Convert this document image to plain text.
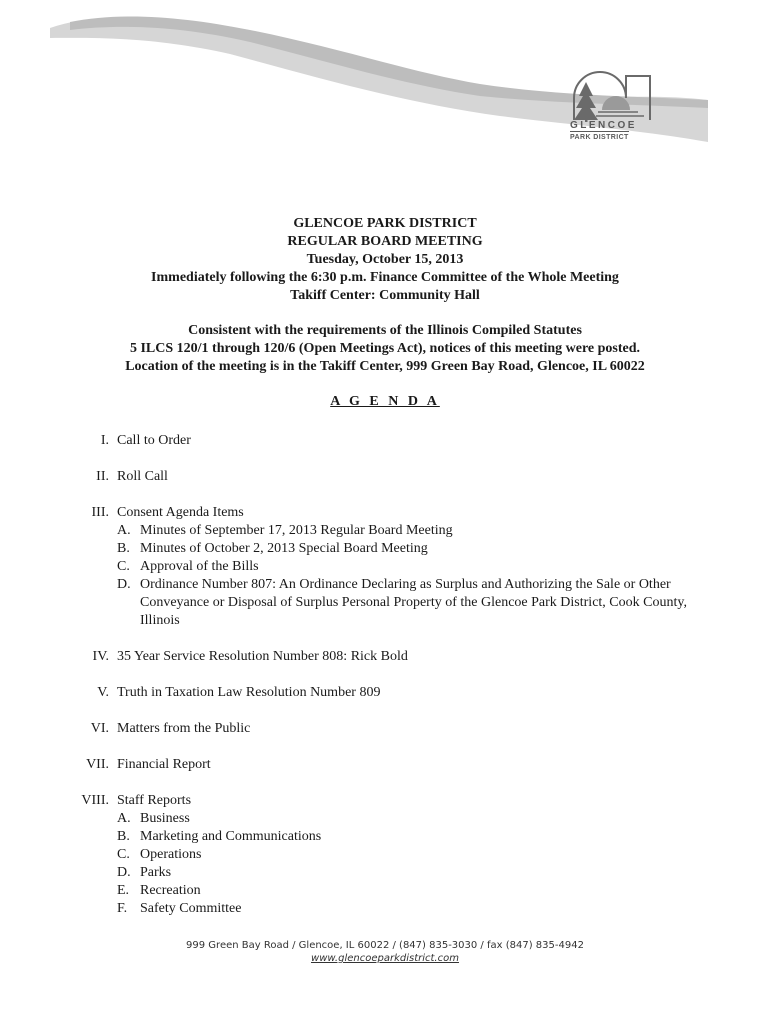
GLENCOE
PARK DISTRICT
GLENCOE PARK DISTRICT
REGULAR BOARD MEETING
Tuesday, October 15, 2013
Immediately following the 6:30 p.m. Finance Committee of the Whole Meeting
Takiff Center: Community Hall
Consistent with the requirements of the Illinois Compiled Statutes
5 ILCS 120/1 through 120/6 (Open Meetings Act), notices of this meeting were posted.
Location of the meeting is in the Takiff Center, 999 Green Bay Road, Glencoe, IL 60022
A G E N D A
I. Call to Order
II. Roll Call
III. Consent Agenda Items
A. Minutes of September 17, 2013 Regular Board Meeting
B. Minutes of October 2, 2013 Special Board Meeting
C. Approval of the Bills
D. Ordinance Number 807: An Ordinance Declaring as Surplus and Authorizing the Sale or Other Conveyance or Disposal of Surplus Personal Property of the Glencoe Park District, Cook County, Illinois
IV. 35 Year Service Resolution Number 808: Rick Bold
V. Truth in Taxation Law Resolution Number 809
VI. Matters from the Public
VII. Financial Report
VIII. Staff Reports
A. Business
B. Marketing and Communications
C. Operations
D. Parks
E. Recreation
F. Safety Committee
999 Green Bay Road / Glencoe, IL 60022 / (847) 835-3030 / fax (847) 835-4942
www.glencoeparkdistrict.com
